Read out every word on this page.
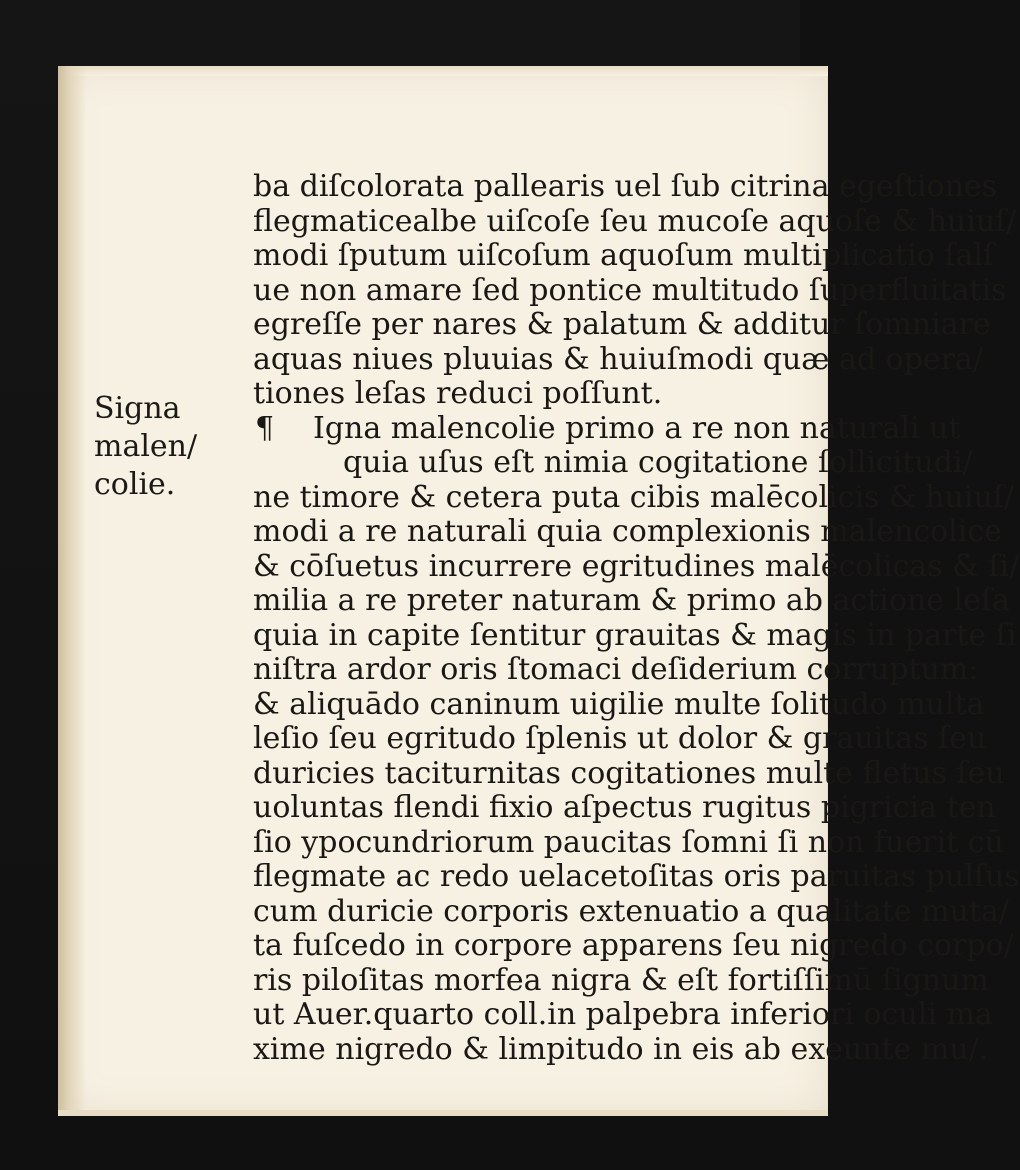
Signa
malen/
colie.
ba diſcolorata pallearis uel ſub citrina egeſtiones
flegmaticealbe uiſcoſe ſeu mucoſe aquoſe & huiuſ/
modi ſputum uiſcoſum aquoſum multiplicatio ſalſ
ue non amare ſed pontice multitudo ſuperfluitatis
egreſſe per nares & palatum & additur ſomniare
aquas niues pluuias & huiuſmodi quæ ad opera/
tiones leſas reduci poſſunt.
¶ Igna malencolie primo a re non naturali ut
quia uſus eſt nimia cogitatione ſollicitudi/
ne timore & cetera puta cibis malēcolicis & huiuſ/
modi a re naturali quia complexionis malencolice
& cōſuetus incurrere egritudines malēcolicas & ſi/
milia a re preter naturam & primo ab actione leſa
quia in capite ſentitur grauitas & magis in parte ſi
niſtra ardor oris ſtomaci deſiderium corruptum:
& aliquādo caninum uigilie multe ſolitudo multa
leſio ſeu egritudo ſplenis ut dolor & grauitas ſeu
duricies taciturnitas cogitationes multe fletus ſeu
uoluntas flendi fixio aſpectus rugitus pigricia ten
ſio ypocundriorum paucitas ſomni ſi non fuerit cū
flegmate ac redo uelacetoſitas oris paruitas pulſus
cum duricie corporis extenuatio a qualitate muta/
ta fuſcedo in corpore apparens ſeu nigredo corpo/
ris piloſitas morfea nigra & eſt fortiſſimū ſignum
ut Auer.quarto coll.in palpebra inferiori oculi ma
xime nigredo & limpitudo in eis ab exeunte mu/.
